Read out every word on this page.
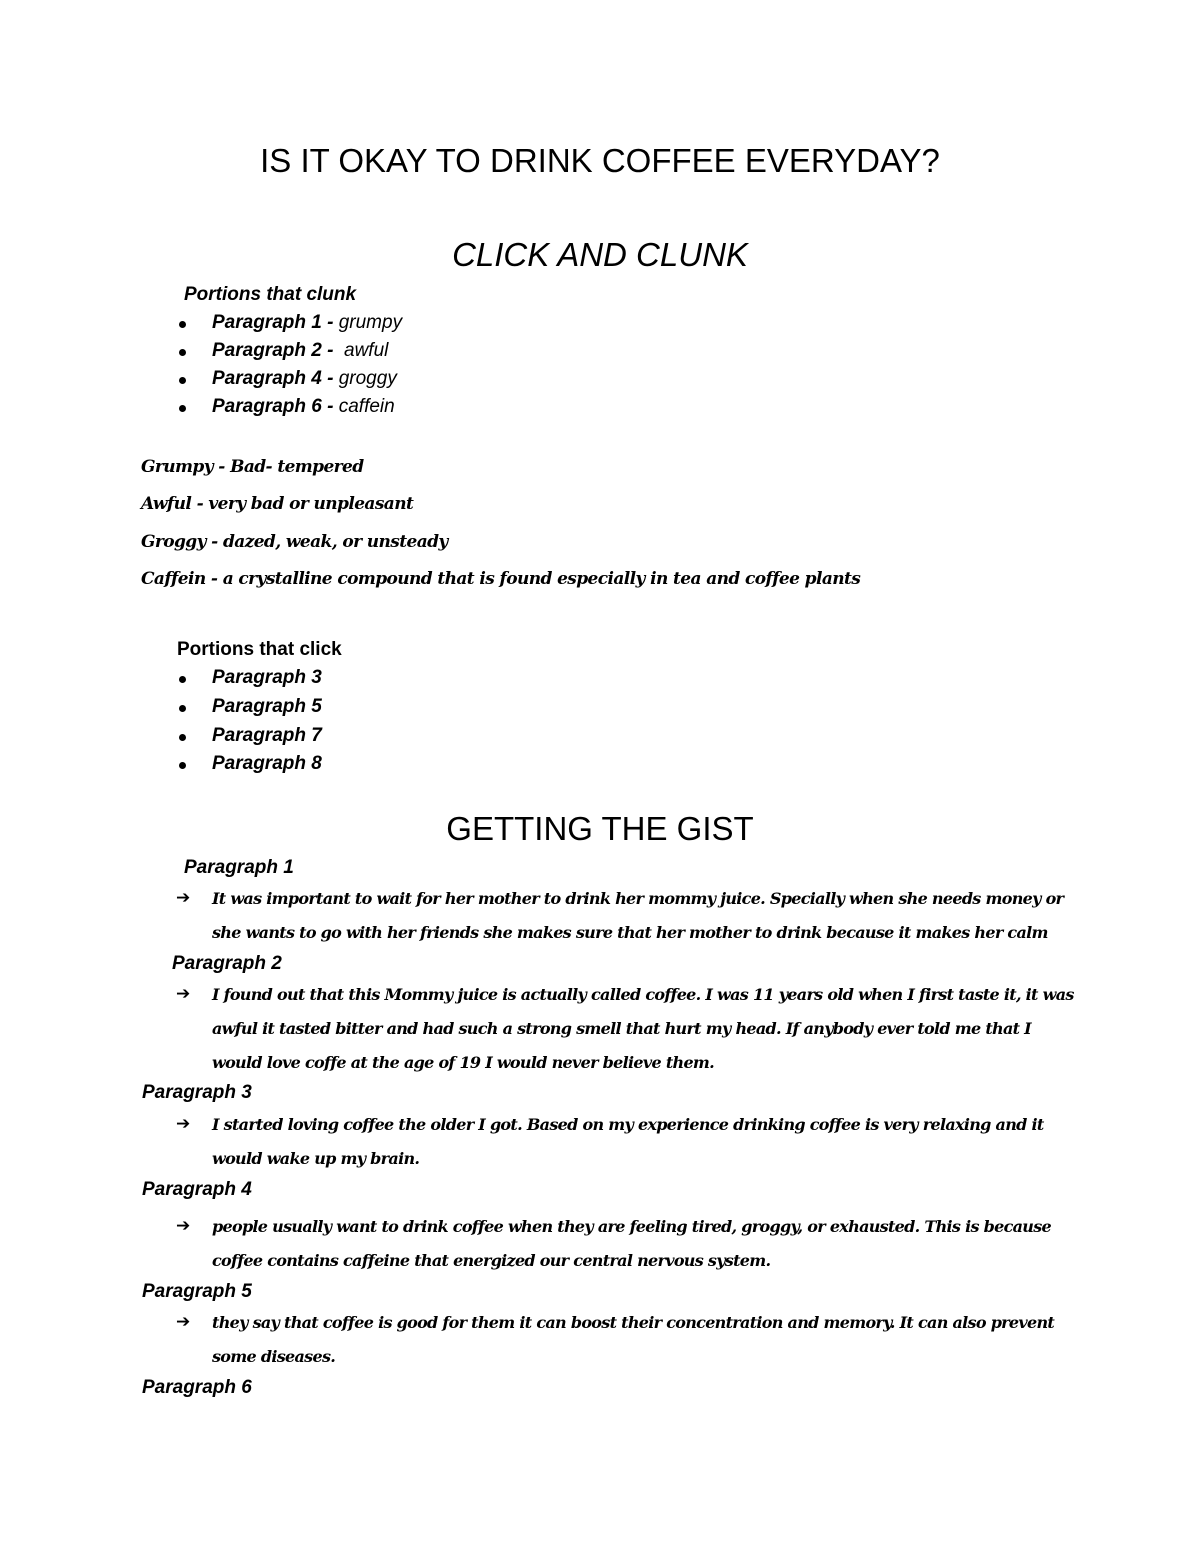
IS IT OKAY TO DRINK COFFEE EVERYDAY?
CLICK AND CLUNK
Portions that clunk
Paragraph 1 - grumpy
Paragraph 2 - awful
Paragraph 4 - groggy
Paragraph 6 - caffein
Grumpy - Bad- tempered
Awful - very bad or unpleasant
Groggy - dazed, weak, or unsteady
Caffein - a crystalline compound that is found especially in tea and coffee plants
Portions that click
Paragraph 3
Paragraph 5
Paragraph 7
Paragraph 8
GETTING THE GIST
Paragraph 1
➔ It was important to wait for her mother to drink her mommy juice. Specially when she needs money or
she wants to go with her friends she makes sure that her mother to drink because it makes her calm
Paragraph 2
➔ I found out that this Mommy juice is actually called coffee. I was 11 years old when I first taste it, it was
awful it tasted bitter and had such a strong smell that hurt my head. If anybody ever told me that I
would love coffe at the age of 19 I would never believe them.
Paragraph 3
➔ I started loving coffee the older I got. Based on my experience drinking coffee is very relaxing and it
would wake up my brain.
Paragraph 4
➔ people usually want to drink coffee when they are feeling tired, groggy, or exhausted. This is because
coffee contains caffeine that energized our central nervous system.
Paragraph 5
➔ they say that coffee is good for them it can boost their concentration and memory. It can also prevent
some diseases.
Paragraph 6
